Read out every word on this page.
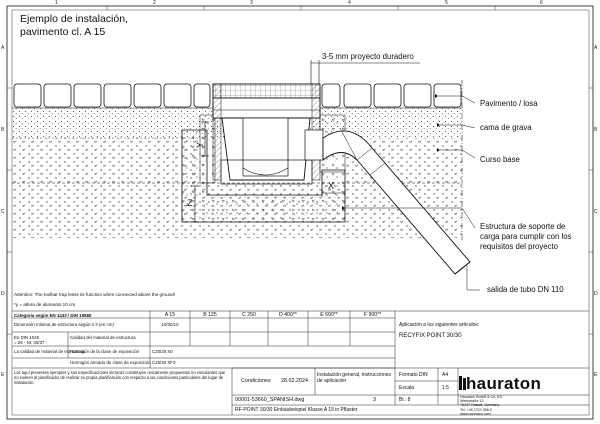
1	2	3	4	5	6
A
B
C
D
E
A
B
C
D
E
Ejemplo de instalación,
pavimento cl. A 15
Z
Y
X
3-5 mm proyecto duradero
Pavimento / losa
cama de grava
Curso base
Estructura de soporte de
carga para cumplir con los
requisitos del proyecto
salida de tubo DN 110
Attention: The toolbar trap lesss its function when connected above the ground!
*y = altura de alumaoto 10 cm
Categoría según EN 1433 / DIN 19580	A 15	B 125	C 250	D 400**	E 600**	F 900**
Dimensión mínima de estructura según n 3 (en cm)	10/30/10
En DIN 1045
= 25 - Nr. 30/37 -
Calidad del material de estructura
La calidad de material de estructura:
Hormigón de la clase de exposición	C20/25 X0
Hormigón armado de clase de exposición C25/30 XF3
Aplicación a los siguientes artículos:
RECYFIX POINT 30/30
Los aquí presentes ejemplos y sus especificaciones técnicas constituyen únicamente propuestas no vinculantes que no eximen al planificador de realizar su propia planificación con respecto a las condiciones particulares del lugar de instalación.	Condiciones 28.02.2024
Instalación general, instrucciones de aplicación
Formato DIN	A4
Escala	1:5
00001-53660_SPANISH.dwg	3	Bl.: 8
RF-POINT 30/30 Einbaubeispiel Klasse A 15 in Pflaster
hauraton
Hauraton GmbH & Co. KG
Werkstraße 13
76437 Rastatt, Germany
Tel. +49 7222 958-0
www.hauraton.com
